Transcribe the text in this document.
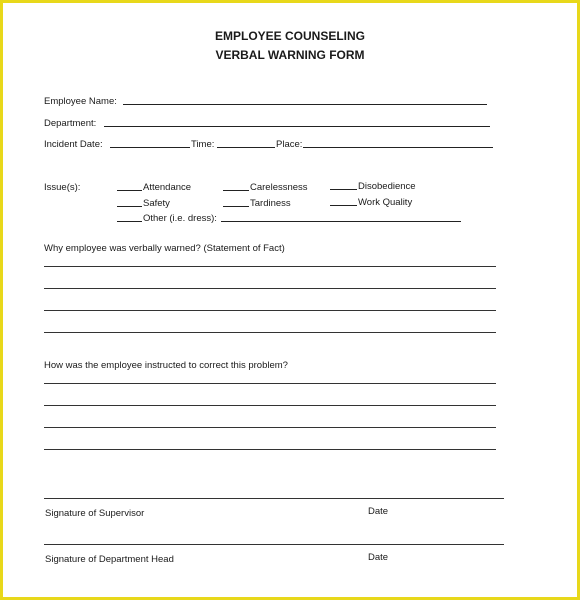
EMPLOYEE COUNSELING
VERBAL WARNING FORM
Employee Name:
Department:
Incident Date:	Time:	Place:
Issue(s):	Attendance	Carelessness	Disobedience
Safety	Tardiness	Work Quality
Other (i.e. dress):
Why employee was verbally warned? (Statement of Fact)
How was the employee instructed to correct this problem?
Signature of Supervisor	Date
Signature of Department Head	Date
